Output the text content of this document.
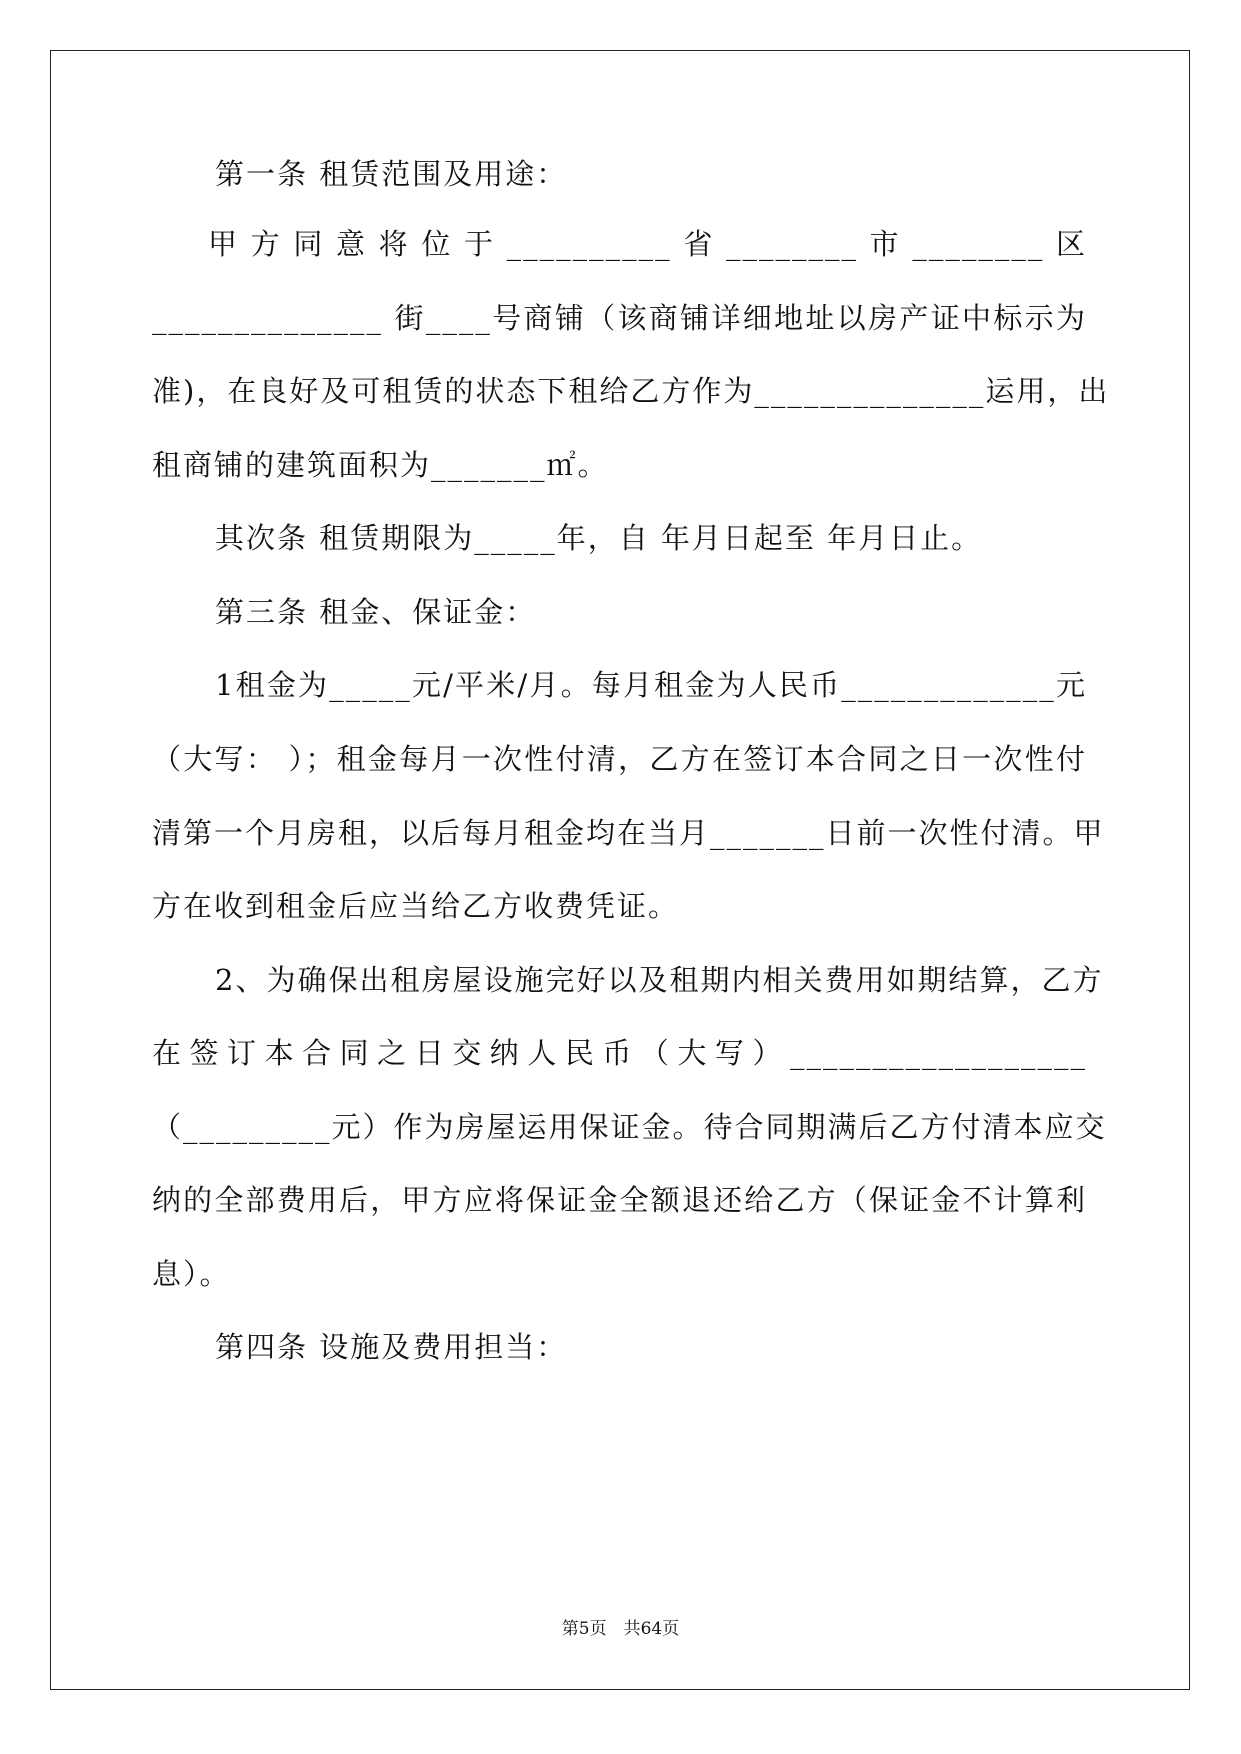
第一条 租赁范围及用途：
甲方同意将位于__________省________市________区
______________ 街____号商铺（该商铺详细地址以房产证中标示为
准)，在良好及可租赁的状态下租给乙方作为______________运用，出
租商铺的建筑面积为_______㎡。
其次条 租赁期限为_____年，自 年月日起至 年月日止。
第三条 租金、保证金：
1租金为_____元/平米/月。每月租金为人民币_____________元
（大写： ）；租金每月一次性付清，乙方在签订本合同之日一次性付
清第一个月房租，以后每月租金均在当月_______日前一次性付清。甲
方在收到租金后应当给乙方收费凭证。
2、为确保出租房屋设施完好以及租期内相关费用如期结算，乙方
在签订本合同之日交纳人民币（大写）__________________
（_________元）作为房屋运用保证金。待合同期满后乙方付清本应交
纳的全部费用后，甲方应将保证金全额退还给乙方（保证金不计算利
息）。
第四条 设施及费用担当：
第5页　共64页
